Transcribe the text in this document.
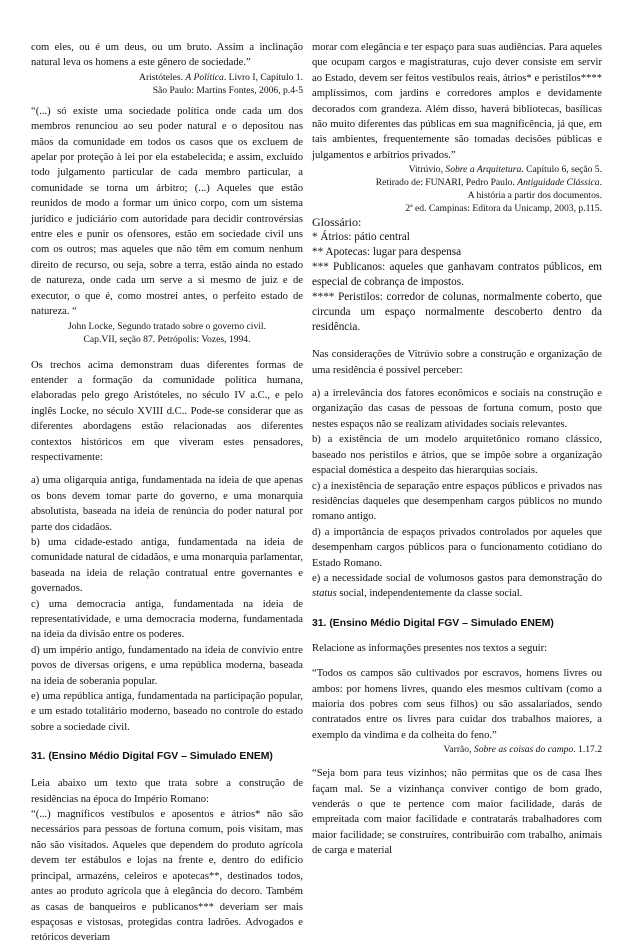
com eles, ou é um deus, ou um bruto. Assim a inclinação natural leva os homens a este gênero de sociedade.”

Aristóteles. A Política. Livro I, Capítulo 1.
São Paulo: Martins Fontes, 2006, p.4-5

“(...) só existe uma sociedade política onde cada um dos membros renunciou ao seu poder natural e o depositou nas mãos da comunidade em todos os casos que os excluem de apelar por proteção à lei por ela estabelecida; e assim, excluído todo julgamento particular de cada membro particular, a comunidade se torna um árbitro; (...) Aqueles que estão reunidos de modo a formar um único corpo, com um sistema jurídico e judiciário com autoridade para decidir controvérsias entre eles e punir os ofensores, estão em sociedade civil uns com os outros; mas aqueles que não têm em comum nenhum direito de recurso, ou seja, sobre a terra, estão ainda no estado de natureza, onde cada um serve a si mesmo de juiz e de executor, o que é, como mostrei antes, o perfeito estado de natureza. “

John Locke, Segundo tratado sobre o governo civil.
Cap.VII, seção 87. Petrópolis: Vozes, 1994.

Os trechos acima demonstram duas diferentes formas de entender a formação da comunidade política humana, elaboradas pelo grego Aristóteles, no século IV a.C., e pelo inglês Locke, no século XVIII d.C.. Pode-se considerar que as diferentes abordagens estão relacionadas aos diferentes contextos históricos em que viveram estes pensadores, respectivamente:

a) uma oligarquia antiga, fundamentada na ideia de que apenas os bons devem tomar parte do governo, e uma monarquia absolutista, baseada na ideia de renúncia do poder natural por parte dos cidadãos.

b) uma cidade-estado antiga, fundamentada na ideia de comunidade natural de cidadãos, e uma monarquia parlamentar, baseada na ideia de relação contratual entre governantes e governados.

c) uma democracia antiga, fundamentada na ideia de representatividade, e uma democracia moderna, fundamentada na ideia da divisão entre os poderes.

d) um império antigo, fundamentado na ideia de convívio entre povos de diversas origens, e uma república moderna, baseada na ideia de soberania popular.

e) uma república antiga, fundamentada na participação popular, e um estado totalitário moderno, baseado no controle do estado sobre a sociedade civil.

31. (Ensino Médio Digital FGV – Simulado ENEM)

Leia abaixo um texto que trata sobre a construção de residências na época do Império Romano:

“(...) magníficos vestíbulos e aposentos e átrios* não são necessários para pessoas de fortuna comum, pois visitam, mas não são visitados. Aqueles que dependem do produto agrícola devem ter estábulos e lojas na frente e, dentro do edifício principal, armazéns, celeiros e apotecas**, destinados todos, antes ao produto agrícola que à elegância do decoro. Também as casas de banqueiros e publicanos*** deveriam ser mais espaçosas e vistosas, protegidas contra ladrões. Advogados e retóricos deveriam

morar com elegância e ter espaço para suas audiências. Para aqueles que ocupam cargos e magistraturas, cujo dever consiste em servir ao Estado, devem ser feitos vestíbulos reais, átrios* e peristilos**** amplíssimos, com jardins e corredores amplos e devidamente decorados com grandeza. Além disso, haverá bibliotecas, basílicas não muito diferentes das públicas em sua magnificência, já que, em tais ambientes, frequentemente são tomadas decisões públicas e julgamentos e arbítrios privados.”

Vitrúvio, Sobre a Arquitetura. Capítulo 6, seção 5.
Retirado de: FUNARI, Pedro Paulo. Antiguidade Clássica.
A história a partir dos documentos.
2ª ed. Campinas: Editora da Unicamp, 2003, p.115.

Glossário:

* Átrios: pátio central

** Apotecas: lugar para despensa

*** Publicanos: aqueles que ganhavam contratos públicos, em especial de cobrança de impostos.

**** Peristilos: corredor de colunas, normalmente coberto, que circunda um espaço normalmente descoberto dentro da residência.

Nas considerações de Vitrúvio sobre a construção e organização de uma residência é possível perceber:

a) a irrelevância dos fatores econômicos e sociais na construção e organização das casas de pessoas de fortuna comum, posto que nestes espaços não se realizam atividades sociais relevantes.

b) a existência de um modelo arquitetônico romano clássico, baseado nos peristilos e átrios, que se impõe sobre a organização espacial doméstica a despeito das hierarquias sociais.

c) a inexistência de separação entre espaços públicos e privados nas residências daqueles que desempenham cargos públicos no mundo romano antigo.

d) a importância de espaços privados controlados por aqueles que desempenham cargos públicos para o funcionamento cotidiano do Estado Romano.

e) a necessidade social de volumosos gastos para demonstração do status social, independentemente da classe social.

31. (Ensino Médio Digital FGV – Simulado ENEM)

Relacione as informações presentes nos textos a seguir:

“Todos os campos são cultivados por escravos, homens livres ou ambos: por homens livres, quando eles mesmos cultivam (como a maioria dos pobres com seus filhos) ou são assalariados, sendo contratados entre os livres para cuidar dos trabalhos maiores, a exemplo da vindima e da colheita do feno.”

Varrão, Sobre as coisas do campo. 1.17.2

“Seja bom para teus vizinhos; não permitas que os de casa lhes façam mal. Se a vizinhança conviver contigo de bom grado, venderás o que te pertence com maior facilidade, darás de empreitada com maior facilidade e contratarás trabalhadores com maior facilidade; se construíres, contribuirão com trabalho, animais de carga e material
